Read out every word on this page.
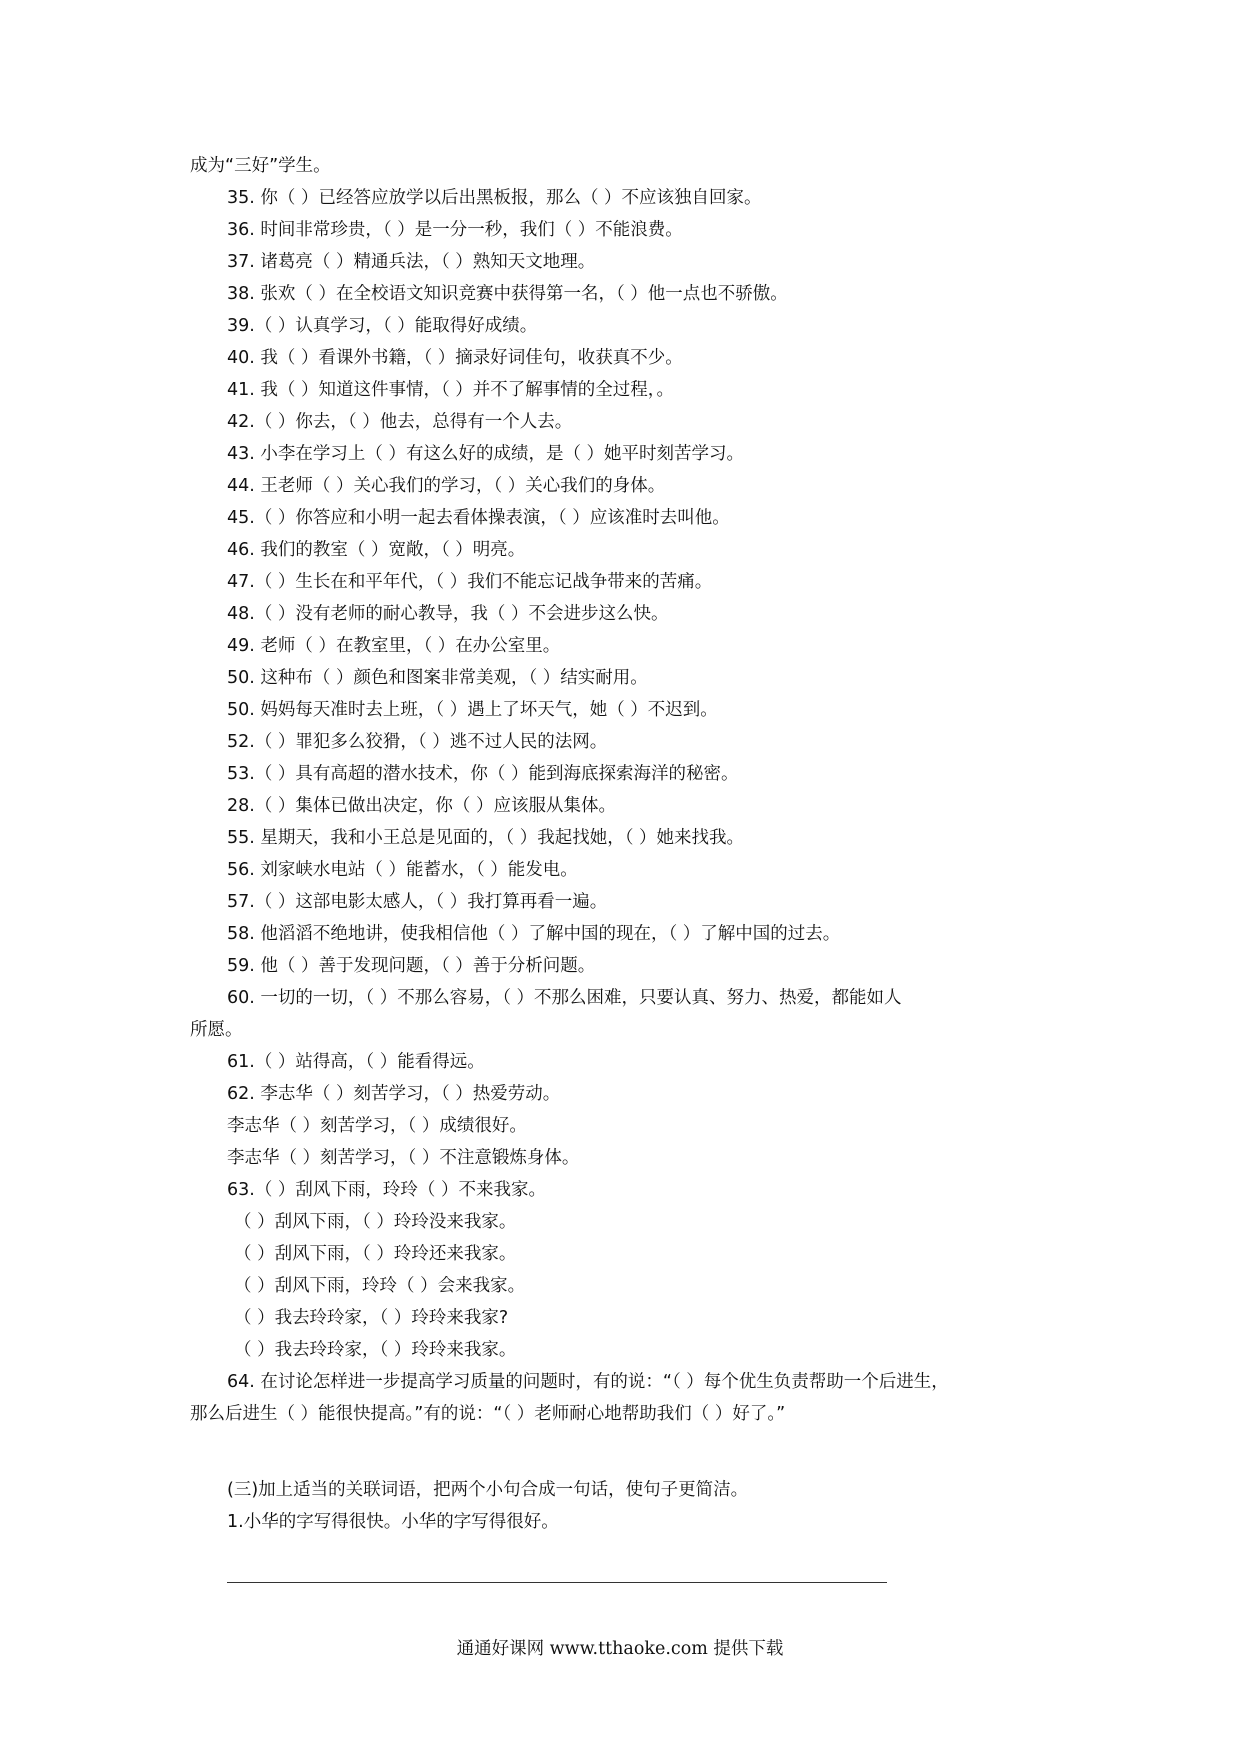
成为“三好”学生。
35. 你（ ）已经答应放学以后出黑板报，那么（ ）不应该独自回家。
36. 时间非常珍贵，（ ）是一分一秒，我们（ ）不能浪费。
37. 诸葛亮（ ）精通兵法，（ ）熟知天文地理。
38. 张欢（ ）在全校语文知识竞赛中获得第一名，（ ）他一点也不骄傲。
39.（ ）认真学习，（ ）能取得好成绩。
40. 我（ ）看课外书籍，（ ）摘录好词佳句，收获真不少。
41. 我（ ）知道这件事情，（ ）并不了解事情的全过程，。
42.（ ）你去，（ ）他去，总得有一个人去。
43. 小李在学习上（ ）有这么好的成绩，是（ ）她平时刻苦学习。
44. 王老师（ ）关心我们的学习，（ ）关心我们的身体。
45.（ ）你答应和小明一起去看体操表演，（ ）应该准时去叫他。
46. 我们的教室（ ）宽敞，（ ）明亮。
47.（ ）生长在和平年代，（ ）我们不能忘记战争带来的苦痛。
48.（ ）没有老师的耐心教导，我（ ）不会进步这么快。
49. 老师（ ）在教室里，（ ）在办公室里。
50. 这种布（ ）颜色和图案非常美观，（ ）结实耐用。
50. 妈妈每天准时去上班，（ ）遇上了坏天气，她（ ）不迟到。
52.（ ）罪犯多么狡猾，（ ）逃不过人民的法网。
53.（ ）具有高超的潜水技术，你（ ）能到海底探索海洋的秘密。
28.（ ）集体已做出决定，你（ ）应该服从集体。
55. 星期天，我和小王总是见面的，（ ）我起找她，（ ）她来找我。
56. 刘家峡水电站（ ）能蓄水，（ ）能发电。
57.（ ）这部电影太感人，（ ）我打算再看一遍。
58. 他滔滔不绝地讲，使我相信他（ ）了解中国的现在，（ ）了解中国的过去。
59. 他（ ）善于发现问题，（ ）善于分析问题。
60. 一切的一切，（ ）不那么容易，（ ）不那么困难，只要认真、努力、热爱，都能如人
所愿。
61.（ ）站得高，（ ）能看得远。
62. 李志华（ ）刻苦学习，（ ）热爱劳动。
李志华（ ）刻苦学习，（ ）成绩很好。
李志华（ ）刻苦学习，（ ）不注意锻炼身体。
63.（ ）刮风下雨，玲玲（ ）不来我家。
（ ）刮风下雨，（ ）玲玲没来我家。
（ ）刮风下雨，（ ）玲玲还来我家。
（ ）刮风下雨，玲玲（ ）会来我家。
（ ）我去玲玲家，（ ）玲玲来我家?
（ ）我去玲玲家，（ ）玲玲来我家。
64. 在讨论怎样进一步提高学习质量的问题时，有的说：“（ ）每个优生负责帮助一个后进生，
那么后进生（ ）能很快提高。”有的说：“（ ）老师耐心地帮助我们（ ）好了。”
(三)加上适当的关联词语，把两个小句合成一句话，使句子更简洁。
1.小华的字写得很快。小华的字写得很好。
通通好课网 www.tthaoke.com 提供下载
